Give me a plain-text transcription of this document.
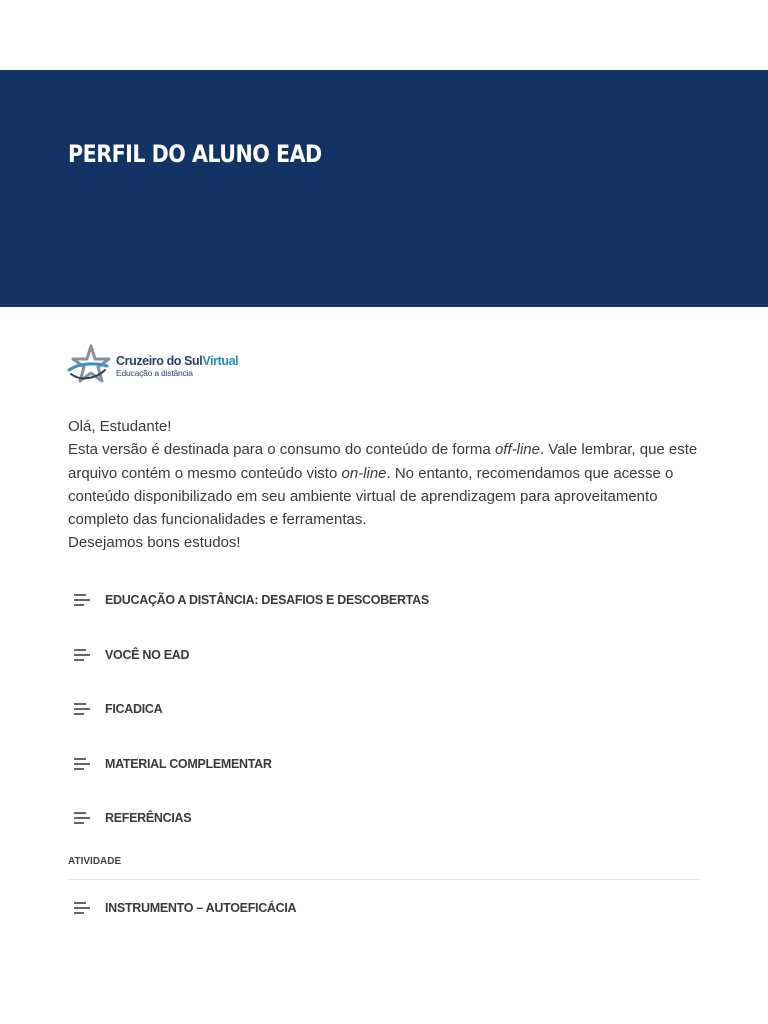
PERFIL DO ALUNO EAD
Cruzeiro do SulVirtual
Educação a distância

Olá, Estudante!

Esta versão é destinada para o consumo do conteúdo de forma off-line. Vale lembrar, que este arquivo contém o mesmo conteúdo visto on-line. No entanto, recomendamos que acesse o conteúdo disponibilizado em seu ambiente virtual de aprendizagem para aproveitamento completo das funcionalidades e ferramentas.

Desejamos bons estudos!

EDUCAÇÃO A DISTÂNCIA: DESAFIOS E DESCOBERTAS
VOCÊ NO EAD
FICADICA
MATERIAL COMPLEMENTAR
REFERÊNCIAS
ATIVIDADE
INSTRUMENTO – AUTOEFICÁCIA
